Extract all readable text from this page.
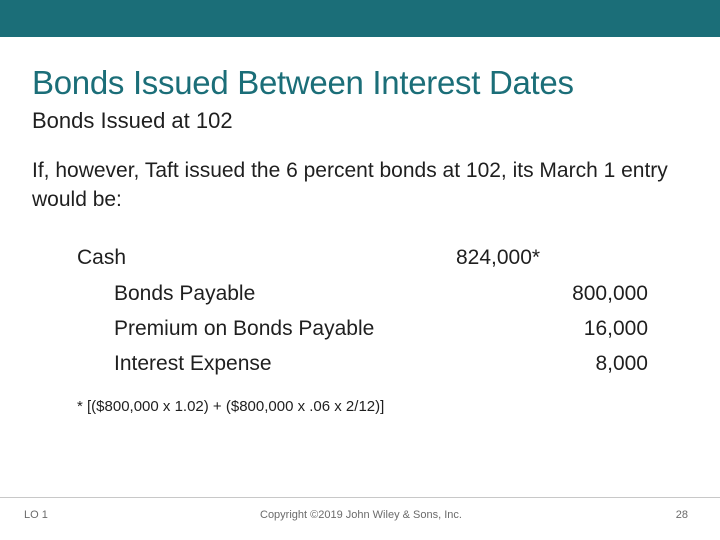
Bonds Issued Between Interest Dates
Bonds Issued at 102

If, however, Taft issued the 6 percent bonds at 102, its March 1 entry would be:

Cash	824,000*
Bonds Payable	800,000
Premium on Bonds Payable	16,000
Interest Expense	8,000
* [($800,000 x 1.02) + ($800,000 x .06 x 2/12)]
LO 1	Copyright ©2019 John Wiley & Sons, Inc.	28
